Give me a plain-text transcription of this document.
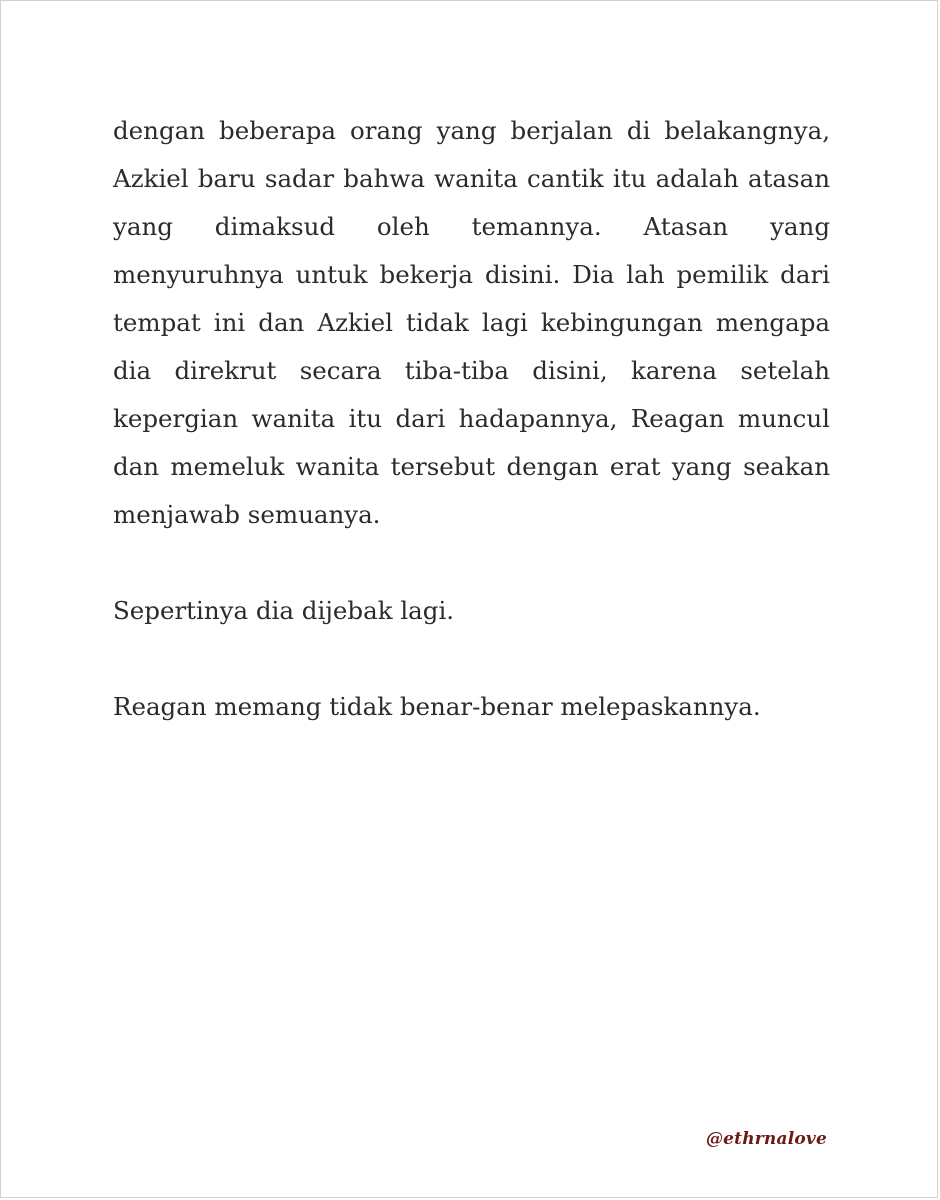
dengan beberapa orang yang berjalan di belakangnya, Azkiel baru sadar bahwa wanita cantik itu adalah atasan yang dimaksud oleh temannya. Atasan yang menyuruhnya untuk bekerja disini. Dia lah pemilik dari tempat ini dan Azkiel tidak lagi kebingungan mengapa dia direkrut secara tiba-tiba disini, karena setelah kepergian wanita itu dari hadapannya, Reagan muncul dan memeluk wanita tersebut dengan erat yang seakan menjawab semuanya.

Sepertinya dia dijebak lagi.

Reagan memang tidak benar-benar melepaskannya.

@ethrnalove
